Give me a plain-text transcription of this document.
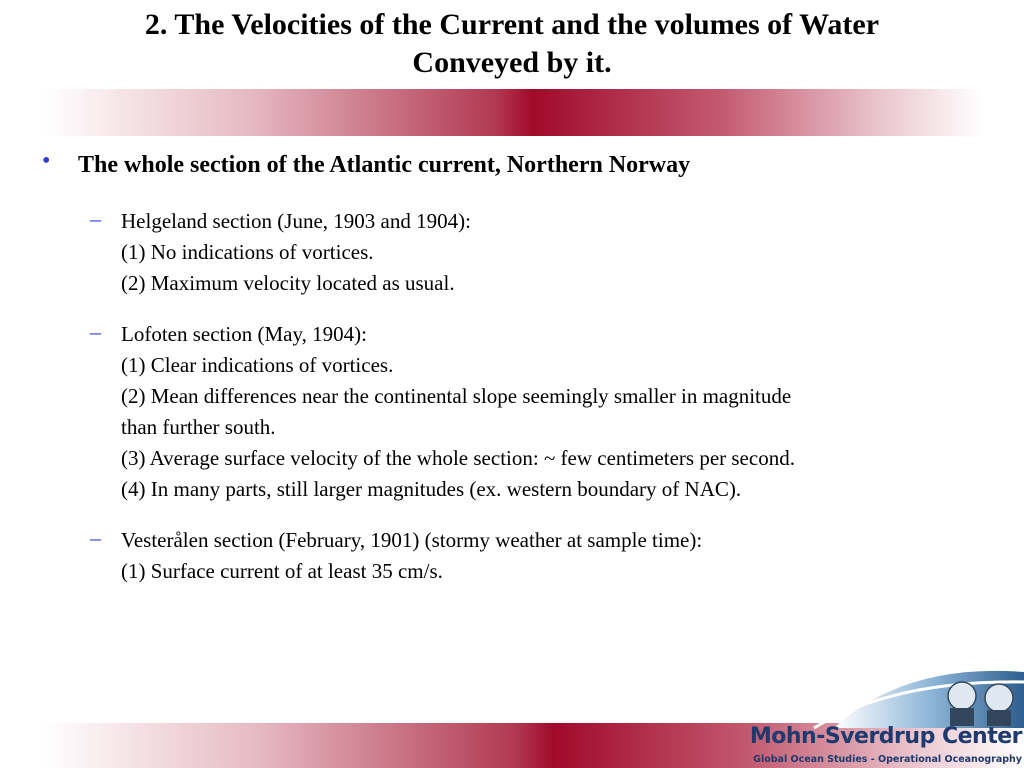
2. The Velocities of the Current and the volumes of Water
Conveyed by it.
• The whole section of the Atlantic current, Northern Norway
– Helgeland section (June, 1903 and 1904):
(1) No indications of vortices.
(2) Maximum velocity located as usual.
– Lofoten section (May, 1904):
(1) Clear indications of vortices.
(2) Mean differences near the continental slope seemingly smaller in magnitude
than further south.
(3) Average surface velocity of the whole section: ~ few centimeters per second.
(4) In many parts, still larger magnitudes (ex. western boundary of NAC).
– Vesterålen section (February, 1901) (stormy weather at sample time):
(1) Surface current of at least 35 cm/s.
Mohn-Sverdrup Center
Global Ocean Studies - Operational Oceanography
